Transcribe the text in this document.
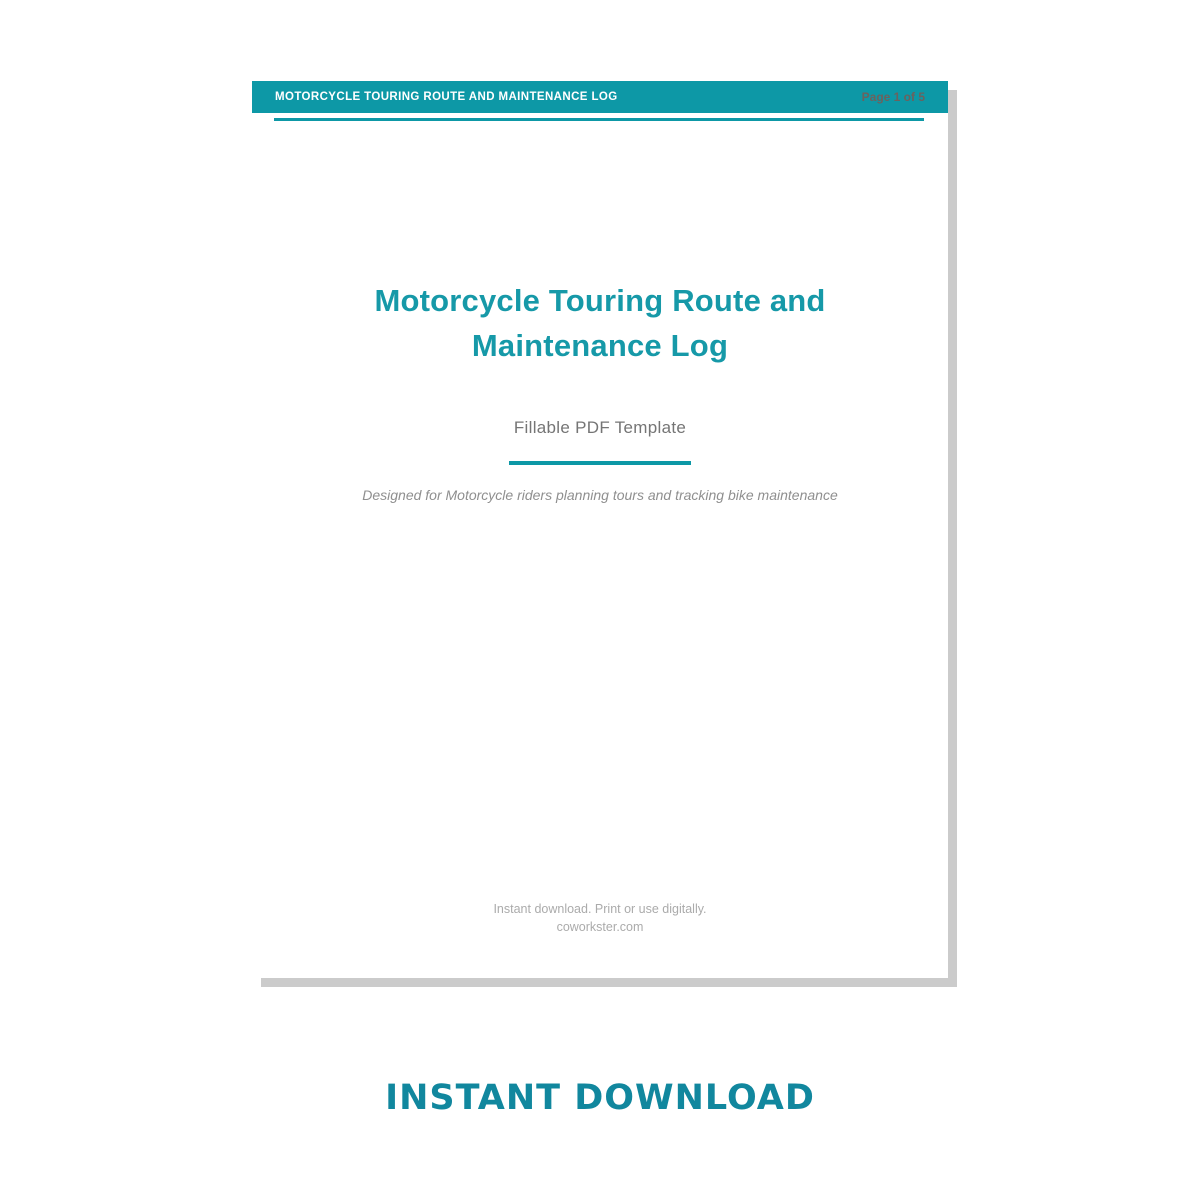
MOTORCYCLE TOURING ROUTE AND MAINTENANCE LOG	Page 1 of 5
Motorcycle Touring Route and
Maintenance Log
Fillable PDF Template
Designed for Motorcycle riders planning tours and tracking bike maintenance
Instant download. Print or use digitally.
coworkster.com
INSTANT DOWNLOAD
